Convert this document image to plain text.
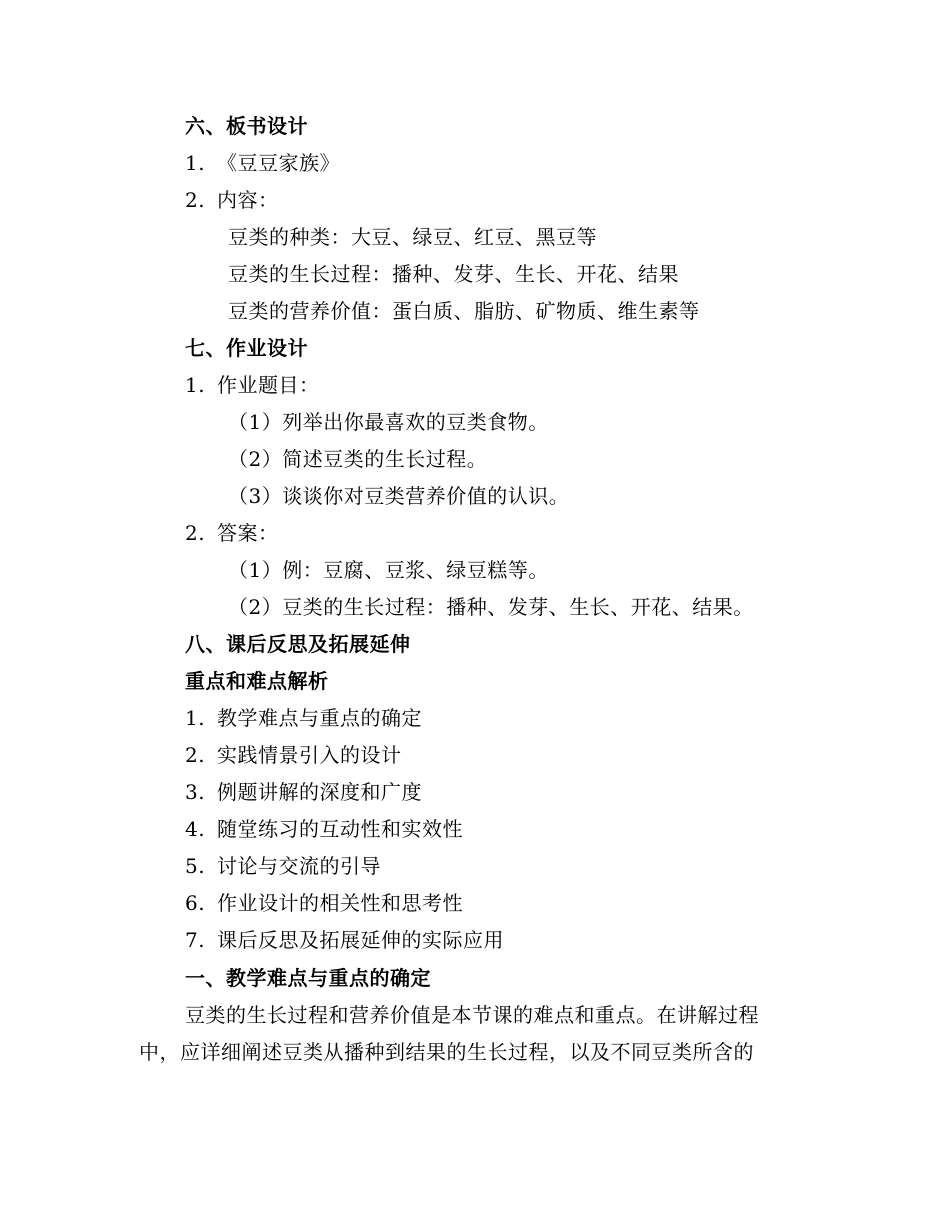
六、板书设计
1. 《豆豆家族》
2. 内容：
豆类的种类：大豆、绿豆、红豆、黑豆等
豆类的生长过程：播种、发芽、生长、开花、结果
豆类的营养价值：蛋白质、脂肪、矿物质、维生素等
七、作业设计
1. 作业题目：
（1）列举出你最喜欢的豆类食物。
（2）简述豆类的生长过程。
（3）谈谈你对豆类营养价值的认识。
2. 答案：
（1）例：豆腐、豆浆、绿豆糕等。
（2）豆类的生长过程：播种、发芽、生长、开花、结果。
八、课后反思及拓展延伸
重点和难点解析
1. 教学难点与重点的确定
2. 实践情景引入的设计
3. 例题讲解的深度和广度
4. 随堂练习的互动性和实效性
5. 讨论与交流的引导
6. 作业设计的相关性和思考性
7. 课后反思及拓展延伸的实际应用
一、教学难点与重点的确定
豆类的生长过程和营养价值是本节课的难点和重点。在讲解过程
中，应详细阐述豆类从播种到结果的生长过程，以及不同豆类所含的
